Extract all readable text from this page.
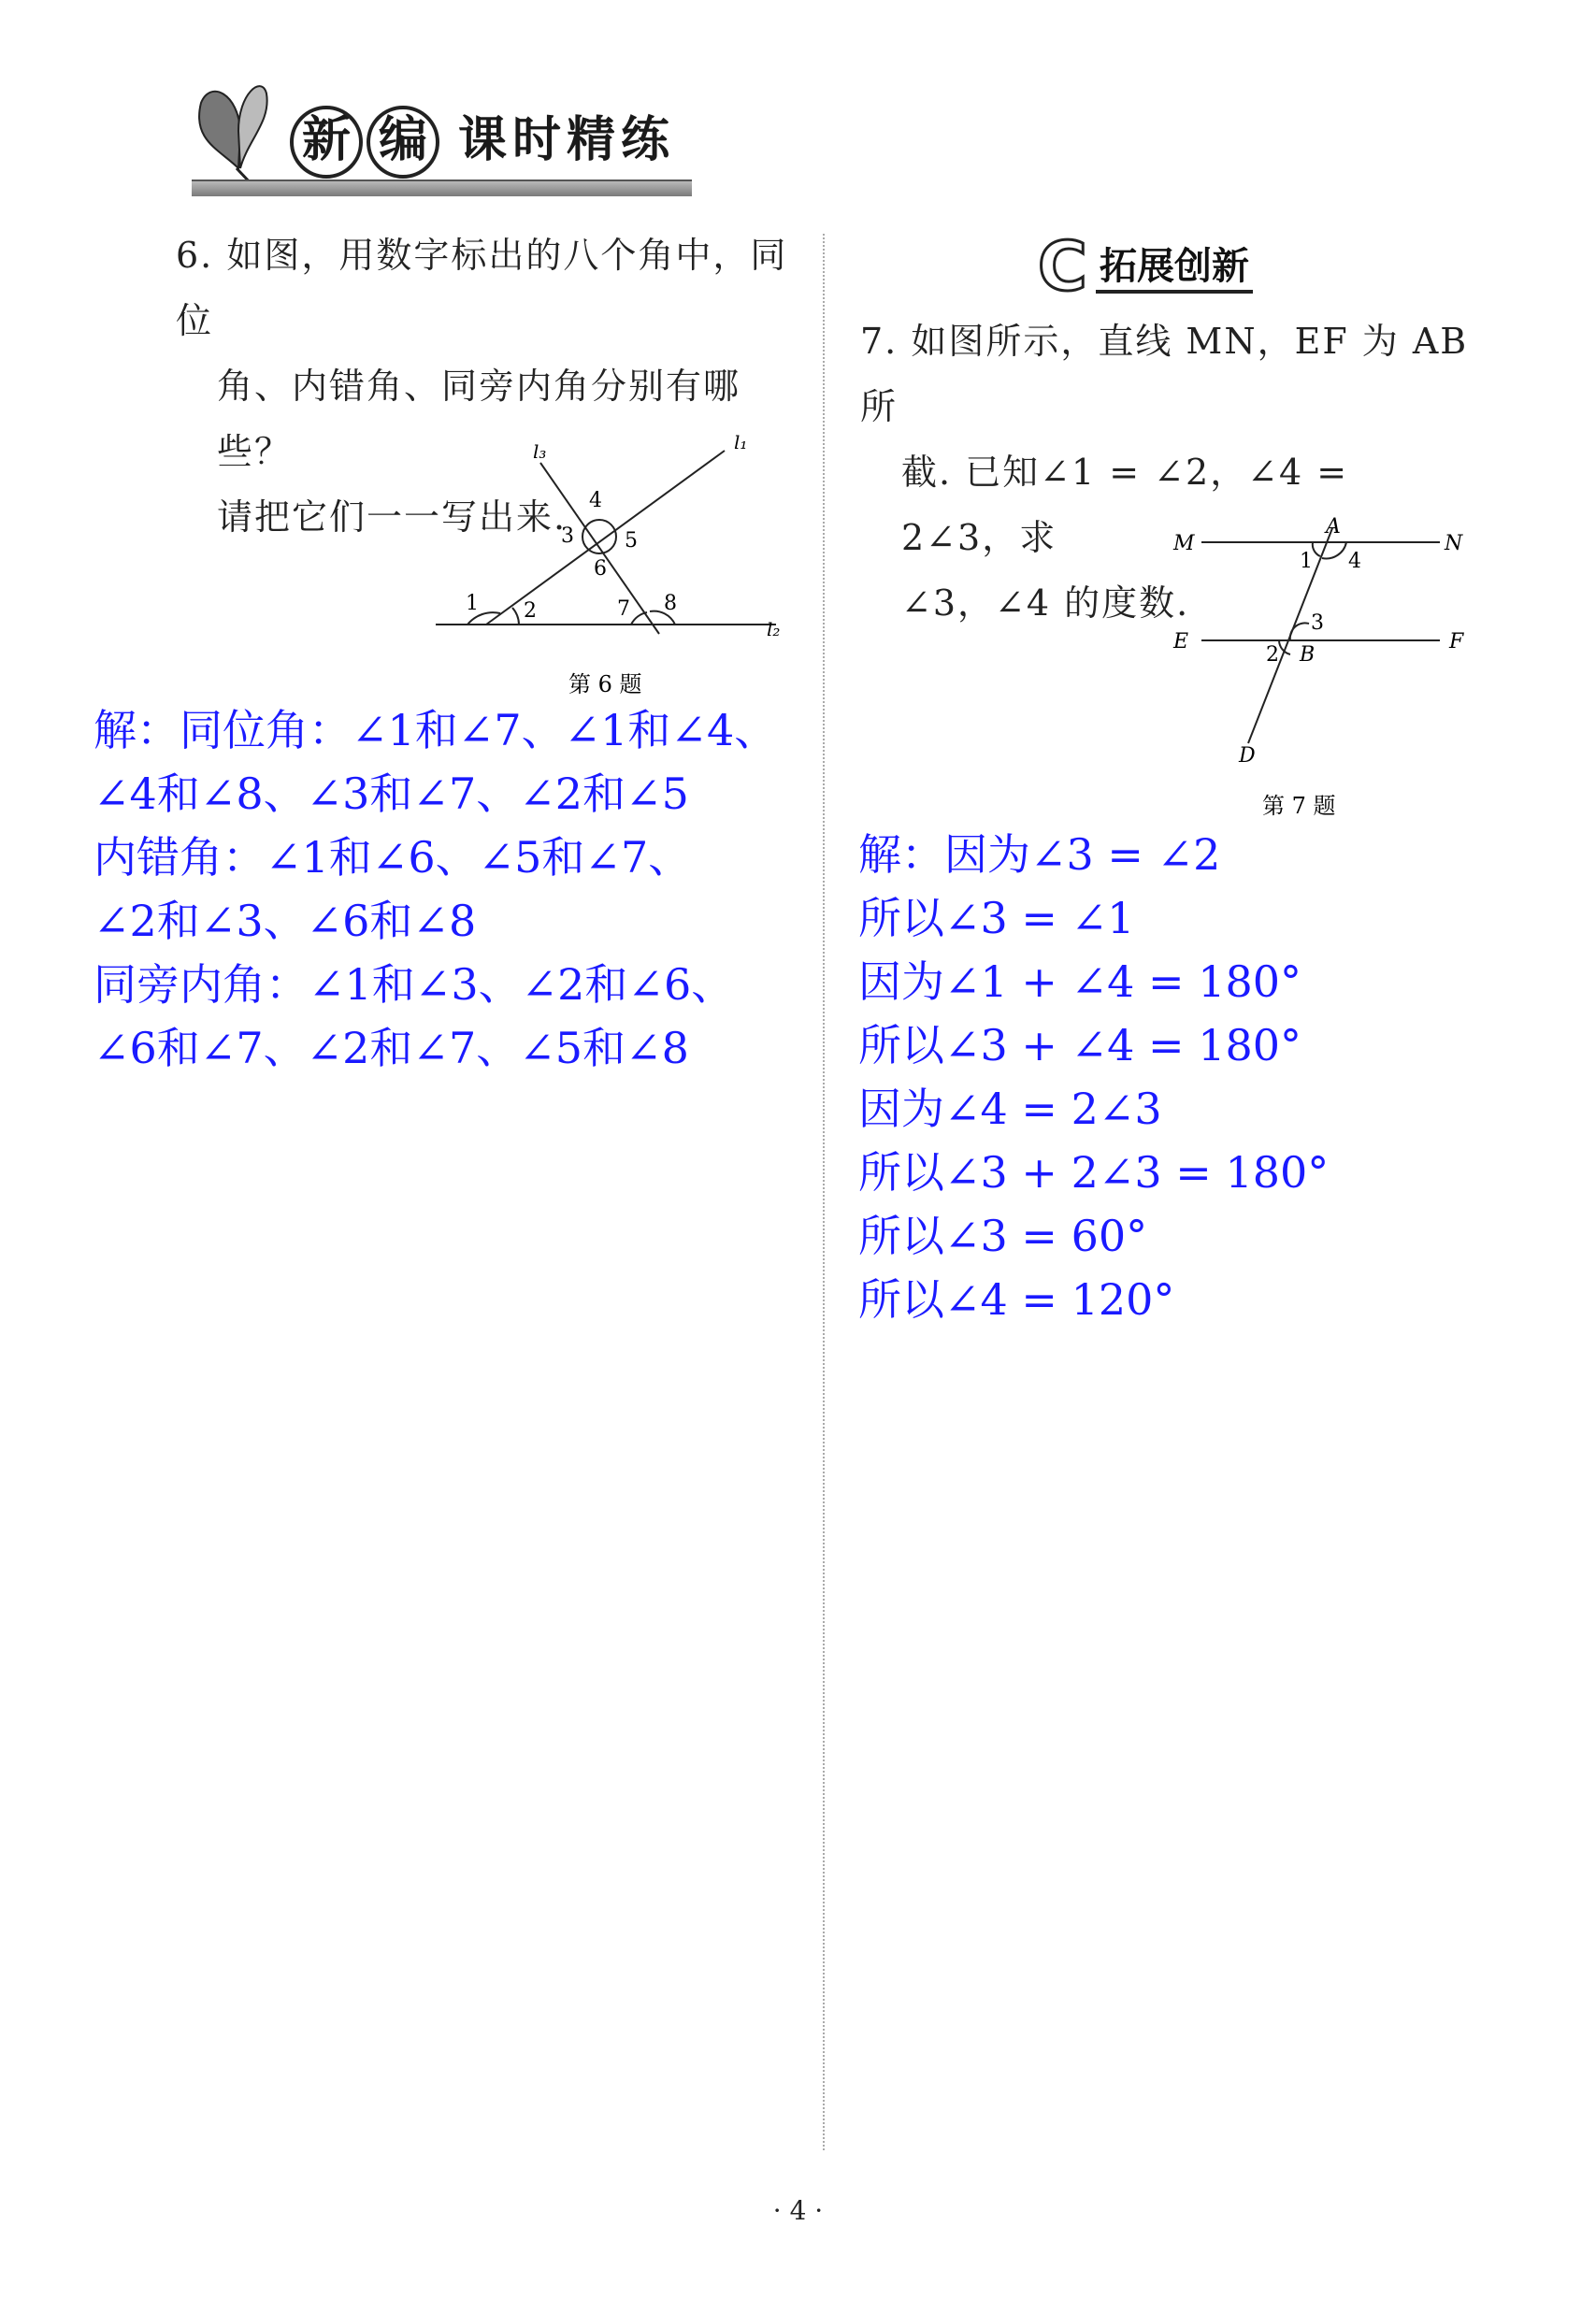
新 编 课时精练
6. 如图，用数字标出的八个角中，同位
角、内错角、同旁内角分别有哪些？
请把它们一一写出来.
l₁
l₂
l₃
4
3 5
6
1 2	7 8
第 6 题
解：同位角：∠1和∠7、∠1和∠4、
∠4和∠8、∠3和∠7、∠2和∠5
内错角：∠1和∠6、∠5和∠7、
∠2和∠3、∠6和∠8
同旁内角：∠1和∠3、∠2和∠6、
∠6和∠7、∠2和∠7、∠5和∠8
C 拓展创新
7. 如图所示，直线 MN，EF 为 AB 所
截. 已知∠1 = ∠2，∠4 = 2∠3，求
∠3，∠4 的度数.
M	N
A
1 4
E	F
3
2 B
D
第 7 题
解：因为∠3 = ∠2
所以∠3 = ∠1
因为∠1 + ∠4 = 180°
所以∠3 + ∠4 = 180°
因为∠4 = 2∠3
所以∠3 + 2∠3 = 180°
所以∠3 = 60°
所以∠4 = 120°
· 4 ·
